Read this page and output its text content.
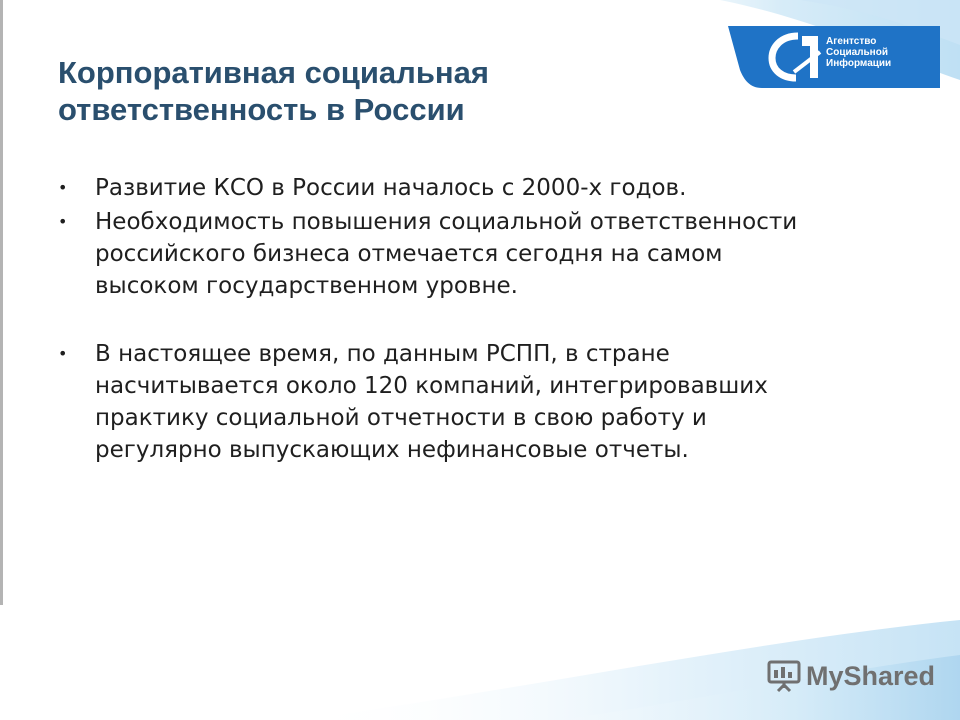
Агентство
Социальной
Информации
Корпоративная социальная
ответственность в России
•	Развитие КСО в России началось с 2000-х годов.
•	Необходимость повышения социальной ответственности
российского бизнеса отмечается сегодня на самом
высоком государственном уровне.
•	В настоящее время, по данным РСПП, в стране
насчитывается около 120 компаний, интегрировавших
практику социальной отчетности в свою работу и
регулярно выпускающих нефинансовые отчеты.
MyShared
